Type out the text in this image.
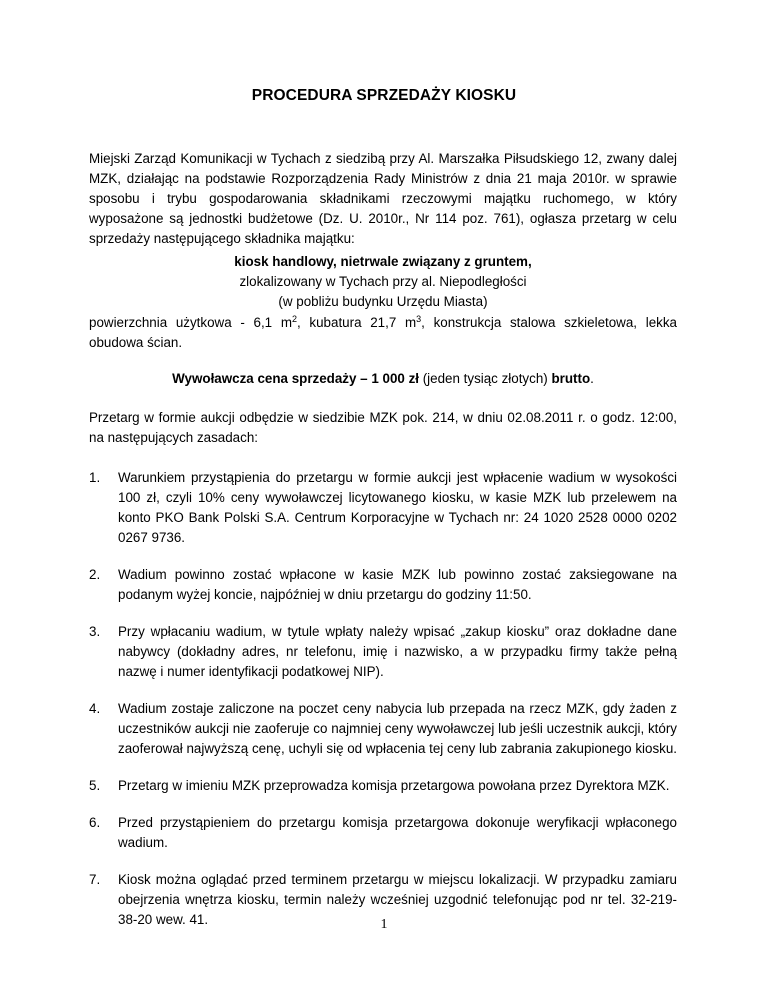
PROCEDURA SPRZEDAŻY KIOSKU
Miejski Zarząd Komunikacji w Tychach z siedzibą przy Al. Marszałka Piłsudskiego 12, zwany dalej MZK, działając na podstawie Rozporządzenia Rady Ministrów z dnia 21 maja 2010r. w sprawie sposobu i trybu gospodarowania składnikami rzeczowymi majątku ruchomego, w który wyposażone są jednostki budżetowe (Dz. U. 2010r., Nr 114 poz. 761), ogłasza przetarg w celu sprzedaży następującego składnika majątku:
kiosk handlowy, nietrwale związany z gruntem,
zlokalizowany w Tychach przy al. Niepodległości
(w pobliżu budynku Urzędu Miasta)
powierzchnia użytkowa - 6,1 $m^2$, kubatura 21,7 $m^3$, konstrukcja stalowa szkieletowa, lekka obudowa ścian.
Wywoławcza cena sprzedaży – 1 000 zł (jeden tysiąc złotych) brutto.
Przetarg w formie aukcji odbędzie w siedzibie MZK pok. 214, w dniu 02.08.2011 r. o godz. 12:00, na następujących zasadach:
1. Warunkiem przystąpienia do przetargu w formie aukcji jest wpłacenie wadium w wysokości 100 zł, czyli 10% ceny wywoławczej licytowanego kiosku, w kasie MZK lub przelewem na konto PKO Bank Polski S.A. Centrum Korporacyjne w Tychach nr: 24 1020 2528 0000 0202 0267 9736.
2. Wadium powinno zostać wpłacone w kasie MZK lub powinno zostać zaksiegowane na podanym wyżej koncie, najpóźniej w dniu przetargu do godziny 11:50.
3. Przy wpłacaniu wadium, w tytule wpłaty należy wpisać „zakup kiosku” oraz dokładne dane nabywcy (dokładny adres, nr telefonu, imię i nazwisko, a w przypadku firmy także pełną nazwę i numer identyfikacji podatkowej NIP).
4. Wadium zostaje zaliczone na poczet ceny nabycia lub przepada na rzecz MZK, gdy żaden z uczestników aukcji nie zaoferuje co najmniej ceny wywoławczej lub jeśli uczestnik aukcji, który zaoferował najwyższą cenę, uchyli się od wpłacenia tej ceny lub zabrania zakupionego kiosku.
5. Przetarg w imieniu MZK przeprowadza komisja przetargowa powołana przez Dyrektora MZK.
6. Przed przystąpieniem do przetargu komisja przetargowa dokonuje weryfikacji wpłaconego wadium.
7. Kiosk można oglądać przed terminem przetargu w miejscu lokalizacji. W przypadku zamiaru obejrzenia wnętrza kiosku, termin należy wcześniej uzgodnić telefonując pod nr tel. 32-219-38-20 wew. 41.	1
